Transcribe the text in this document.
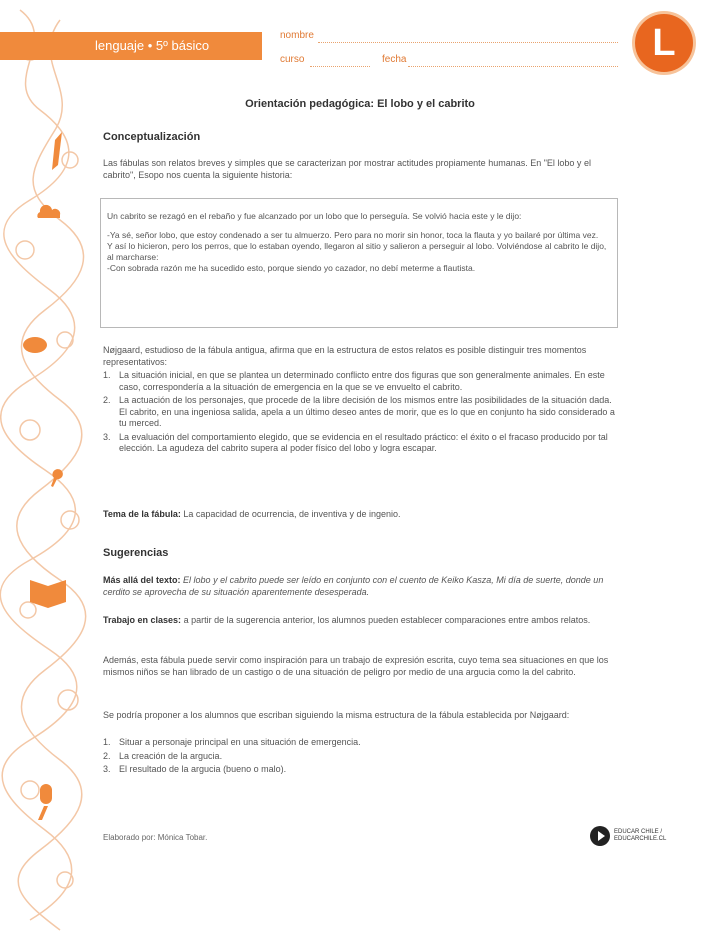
lenguaje • 5º básico
nombre
curso	fecha	L
Orientación pedagógica: El lobo y el cabrito
Conceptualización
Las fábulas son relatos breves y simples que se caracterizan por mostrar actitudes propiamente humanas. En "El lobo y el cabrito", Esopo nos cuenta la siguiente historia:

Un cabrito se rezagó en el rebaño y fue alcanzado por un lobo que lo perseguía. Se volvió hacia este y le dijo:

-Ya sé, señor lobo, que estoy condenado a ser tu almuerzo. Pero para no morir sin honor, toca la flauta y yo bailaré por última vez.
Y así lo hicieron, pero los perros, que lo estaban oyendo, llegaron al sitio y salieron a perseguir al lobo. Volviéndose al cabrito le dijo, al marcharse:
-Con sobrada razón me ha sucedido esto, porque siendo yo cazador, no debí meterme a flautista.

Nøjgaard, estudioso de la fábula antigua, afirma que en la estructura de estos relatos es posible distinguir tres momentos representativos:
1. La situación inicial, en que se plantea un determinado conflicto entre dos figuras que son generalmente animales. En este caso, correspondería a la situación de emergencia en la que se ve envuelto el cabrito.
2. La actuación de los personajes, que procede de la libre decisión de los mismos entre las posibilidades de la situación dada. El cabrito, en una ingeniosa salida, apela a un último deseo antes de morir, que es lo que en conjunto ha sido considerado a tu merced.
3. La evaluación del comportamiento elegido, que se evidencia en el resultado práctico: el éxito o el fracaso producido por tal elección. La agudeza del cabrito supera al poder físico del lobo y logra escapar.
Tema de la fábula: La capacidad de ocurrencia, de inventiva y de ingenio.
Sugerencias
Más allá del texto: El lobo y el cabrito puede ser leído en conjunto con el cuento de Keiko Kasza, Mi día de suerte, donde un cerdito se aprovecha de su situación aparentemente desesperada.
Trabajo en clases: a partir de la sugerencia anterior, los alumnos pueden establecer comparaciones entre ambos relatos.
Además, esta fábula puede servir como inspiración para un trabajo de expresión escrita, cuyo tema sea situaciones en que los mismos niños se han librado de un castigo o de una situación de peligro por medio de una argucia como la del cabrito.
Se podría proponer a los alumnos que escriban siguiendo la misma estructura de la fábula establecida por Nøjgaard:
1. Situar a personaje principal en una situación de emergencia.
2. La creación de la argucia.
3. El resultado de la argucia (bueno o malo).
Elaborado por: Mónica Tobar.
EDUCAR CHILE / EDUCARCHILE.CL
